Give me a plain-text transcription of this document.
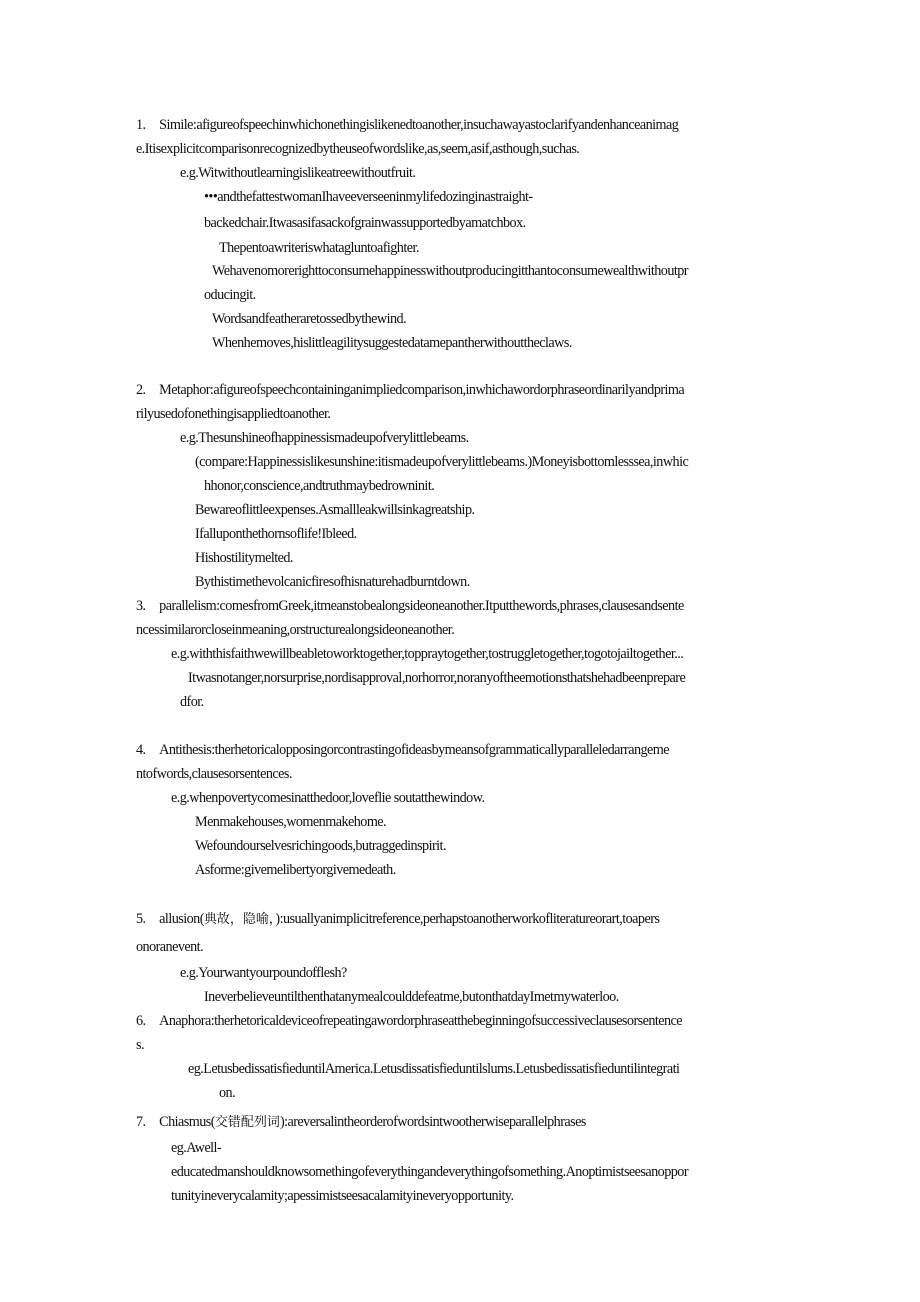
1. Simile:afigureofspeechinwhichonethingislikenedtoanother,insuchawayastoclarifyandenhanceanimag
e.Itisexplicitcomparisonrecognizedbytheuseofwordslike,as,seem,asif,asthough,suchas.
e.g.Witwithoutlearningislikeatreewithoutfruit.
•••andthefattestwomanIhaveeverseeninmylifedozinginastraight-
backedchair.Itwasasifasackofgrainwassupportedbyamatchbox.
Thepentoawriteriswhatagluntoafighter.
Wehavenomorerighttoconsumehappinesswithoutproducingitthantoconsumewealthwithoutpr
oducingit.
Wordsandfeatheraretossedbythewind.
Whenhemoves,hislittleagilitysuggestedatamepantherwithouttheclaws.
2. Metaphor:afigureofspeechcontaininganimpliedcomparison,inwhichawordorphraseordinarilyandprima
rilyusedofonethingisappliedtoanother.
e.g.Thesunshineofhappinessismadeupofverylittlebeams.
(compare:Happinessislikesunshine:itismadeupofverylittlebeams.)Moneyisbottomlesssea,inwhic
hhonor,conscience,andtruthmaybedrowninit.
Bewareoflittleexpenses.Asmallleakwillsinkagreatship.
Ifalluponthethornsoflife!Ibleed.
Hishostilitymelted.
Bythistimethevolcanicfiresofhisnaturehadburntdown.
3. parallelism:comesfromGreek,itmeanstobealongsideoneanother.Itputthewords,phrases,clausesandsente
ncessimilarorcloseinmeaning,orstructurealongsideoneanother.
e.g.withthisfaithwewillbeabletoworktogether,toppraytogether,tostruggletogether,togotojailtogether...
Itwasnotanger,norsurprise,nordisapproval,norhorror,noranyoftheemotionsthatshehadbeenprepare
dfor.
4. Antithesis:therhetoricalopposingorcontrastingofideasbymeansofgrammaticallyparalleledarrangeme
ntofwords,clausesorsentences.
e.g.whenpovertycomesinatthedoor,loveflie soutatthewindow.
Menmakehouses,womenmakehome.
Wefoundourselvesrichingoods,butraggedinspirit.
Asforme:givemelibertyorgivemedeath.
5. allusion(典故，隐喻，):usuallyanimplicitreference,perhapstoanotherworkofliteratureorart,toapers
onoranevent.
e.g.Yourwantyourpoundofflesh?
Ineverbelieveuntilthenthatanymealcoulddefeatme,butonthatdayImetmywaterloo.
6. Anaphora:therhetoricaldeviceofrepeatingawordorphraseatthebeginningofsuccessiveclausesorsentence
s.
eg.LetusbedissatisfieduntilAmerica.Letusdissatisfieduntilslums.Letusbedissatisfieduntilintegrati
on.
7. Chiasmus(交错配列词):areversalintheorderofwordsintwootherwiseparallelphrases
eg.Awell-
educatedmanshouldknowsomethingofeverythingandeverythingofsomething.Anoptimistseesanoppor
tunityineverycalamity;apessimistseesacalamityineveryopportunity.
